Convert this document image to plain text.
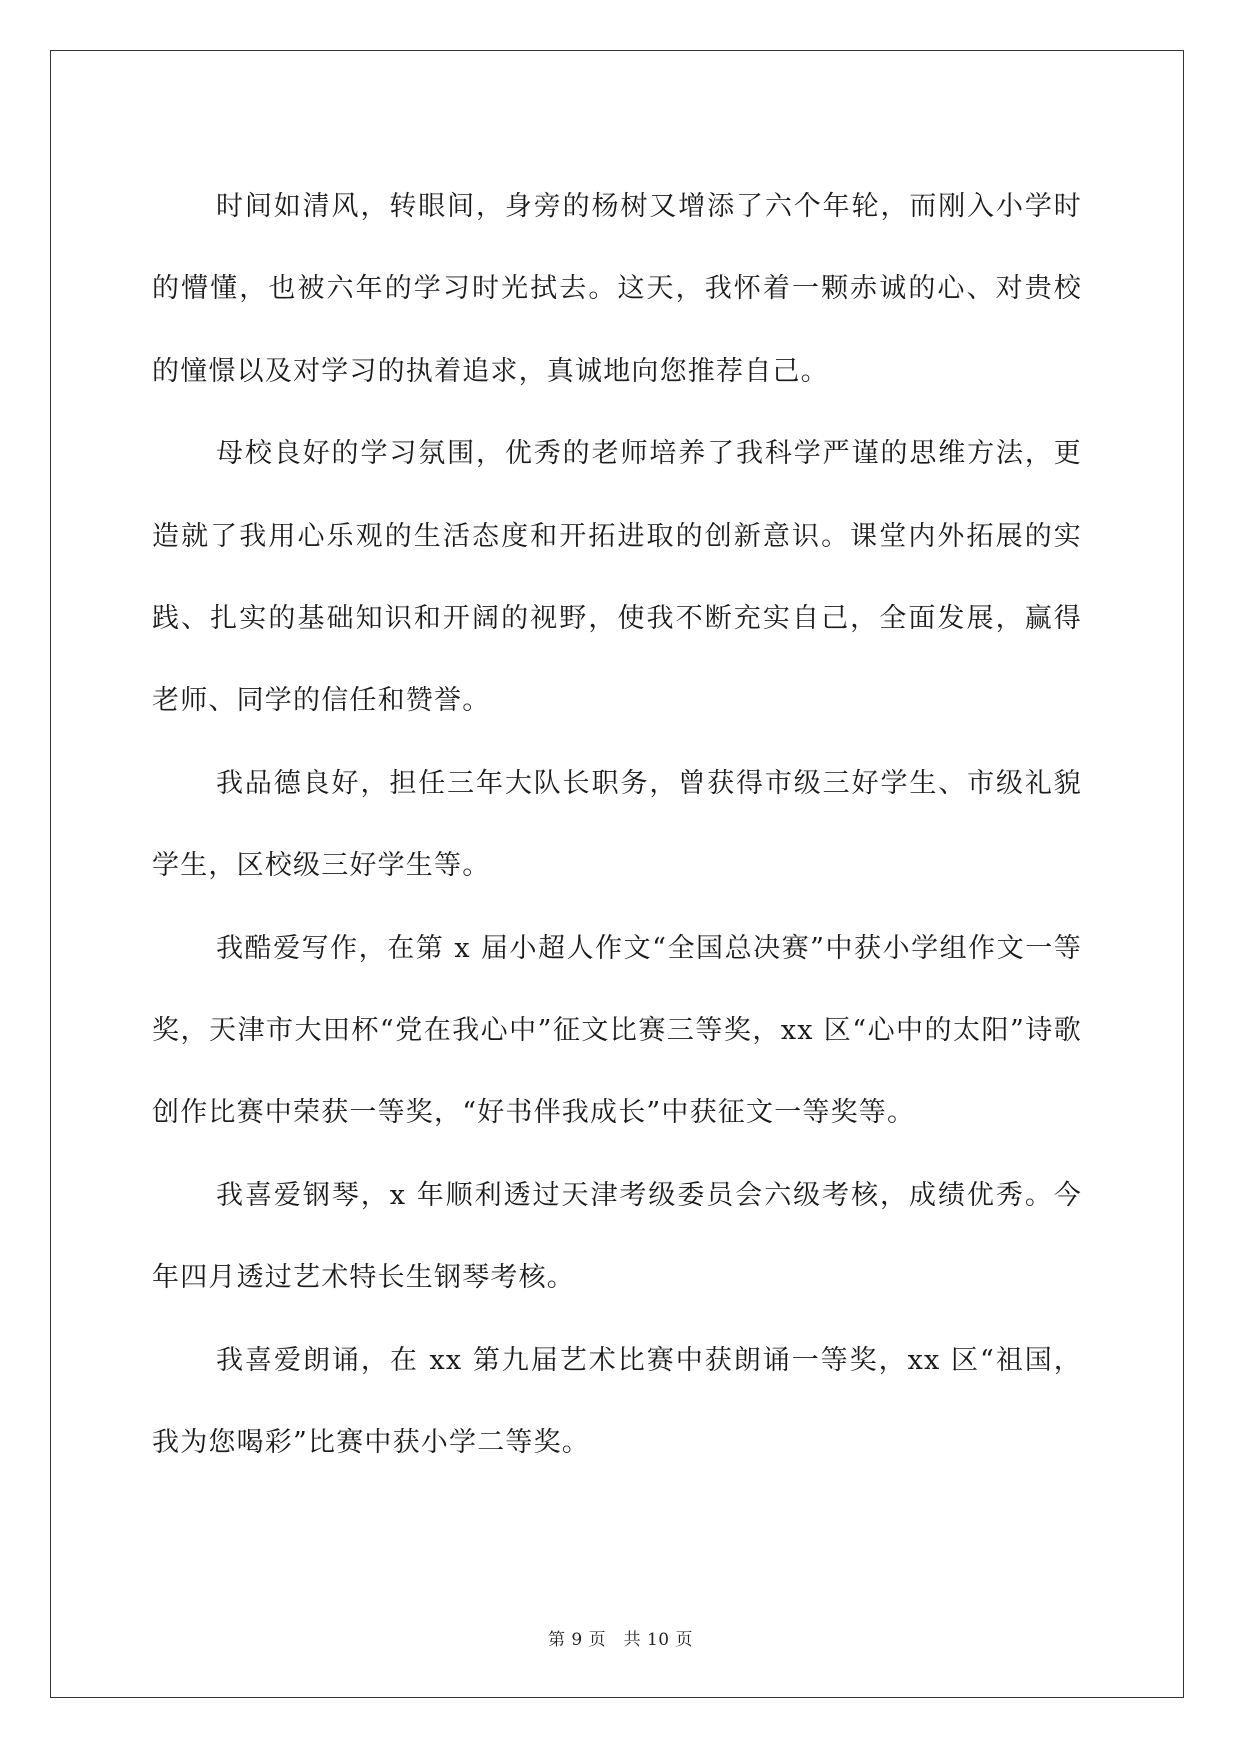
时间如清风，转眼间，身旁的杨树又增添了六个年轮，而刚入小学时的懵懂，也被六年的学习时光拭去。这天，我怀着一颗赤诚的心、对贵校的憧憬以及对学习的执着追求，真诚地向您推荐自己。

母校良好的学习氛围，优秀的老师培养了我科学严谨的思维方法，更造就了我用心乐观的生活态度和开拓进取的创新意识。课堂内外拓展的实践、扎实的基础知识和开阔的视野，使我不断充实自己，全面发展，赢得老师、同学的信任和赞誉。

我品德良好，担任三年大队长职务，曾获得市级三好学生、市级礼貌学生，区校级三好学生等。

我酷爱写作，在第 x 届小超人作文“全国总决赛”中获小学组作文一等奖，天津市大田杯“党在我心中”征文比赛三等奖，xx 区“心中的太阳”诗歌创作比赛中荣获一等奖，“好书伴我成长”中获征文一等奖等。

我喜爱钢琴，x 年顺利透过天津考级委员会六级考核，成绩优秀。今年四月透过艺术特长生钢琴考核。

我喜爱朗诵，在 xx 第九届艺术比赛中获朗诵一等奖，xx 区“祖国，我为您喝彩”比赛中获小学二等奖。

第 9 页　共 10 页
